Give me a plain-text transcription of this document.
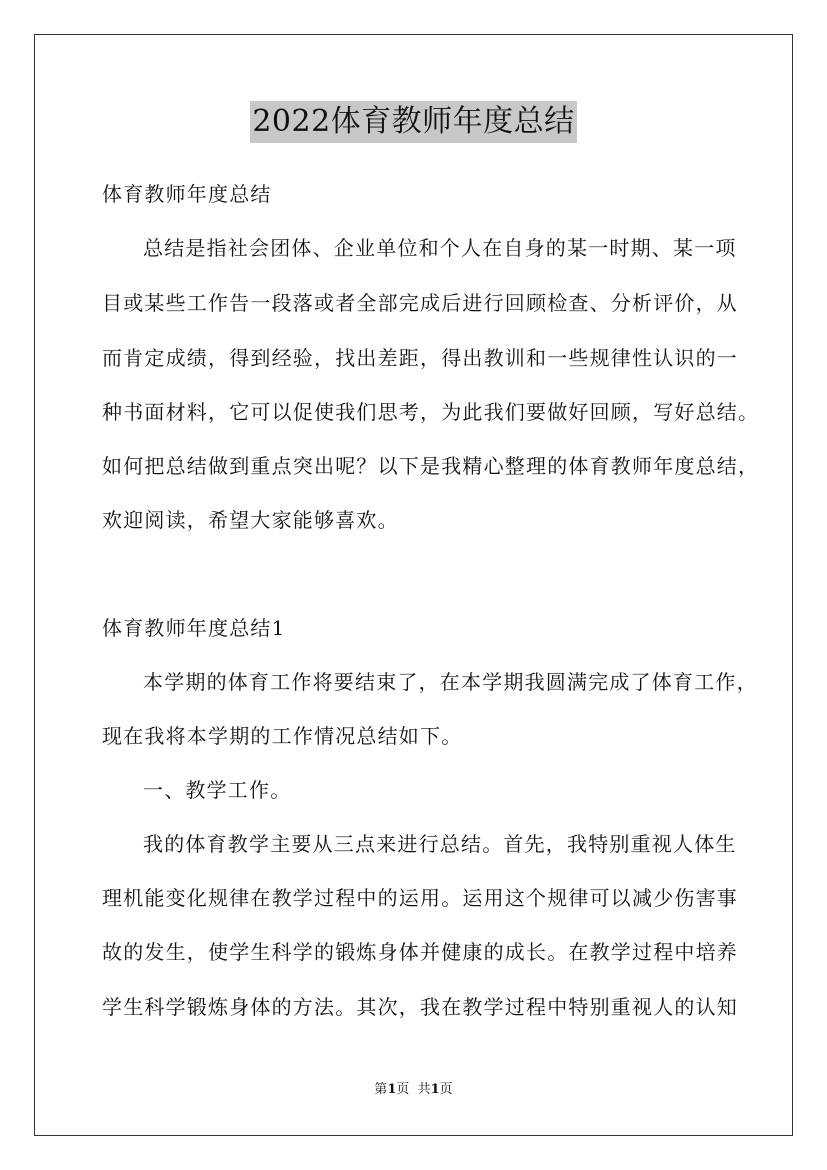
2022体育教师年度总结
体育教师年度总结
总结是指社会团体、企业单位和个人在自身的某一时期、某一项
目或某些工作告一段落或者全部完成后进行回顾检查、分析评价，从
而肯定成绩，得到经验，找出差距，得出教训和一些规律性认识的一
种书面材料，它可以促使我们思考，为此我们要做好回顾，写好总结。
如何把总结做到重点突出呢？以下是我精心整理的体育教师年度总结，
欢迎阅读，希望大家能够喜欢。
体育教师年度总结1
本学期的体育工作将要结束了，在本学期我圆满完成了体育工作，
现在我将本学期的工作情况总结如下。
一、教学工作。
我的体育教学主要从三点来进行总结。首先，我特别重视人体生
理机能变化规律在教学过程中的运用。运用这个规律可以减少伤害事
故的发生，使学生科学的锻炼身体并健康的成长。在教学过程中培养
学生科学锻炼身体的方法。其次，我在教学过程中特别重视人的认知
第1页  共1页
